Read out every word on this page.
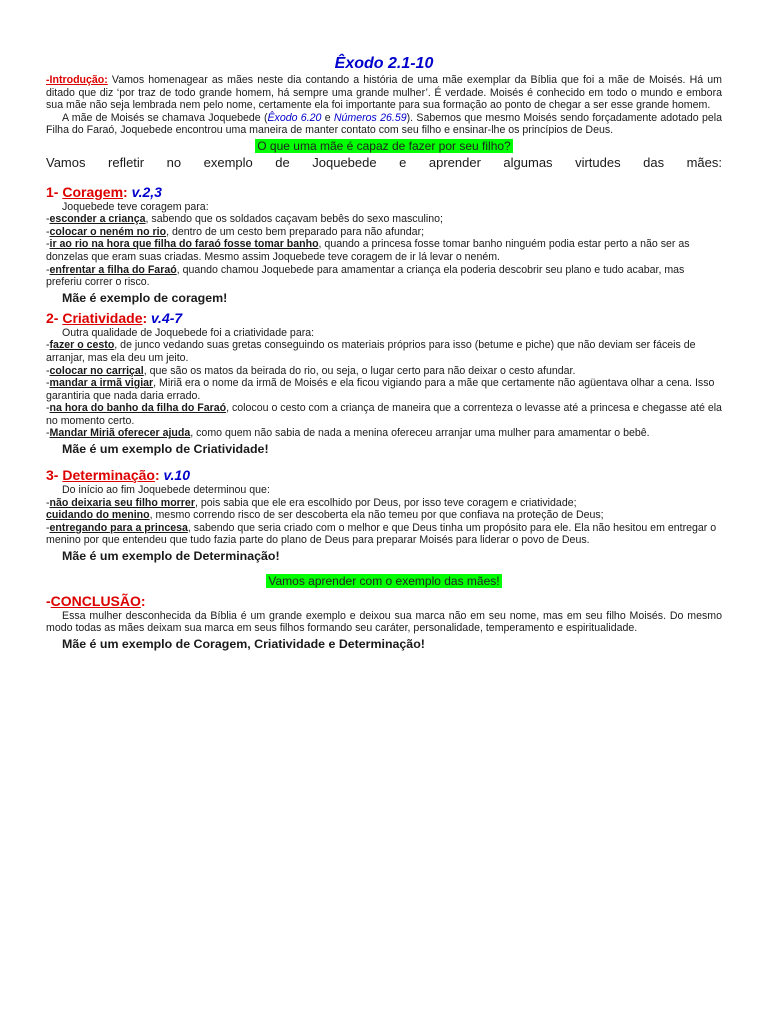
Êxodo 2.1-10

-Introdução: Vamos homenagear as mães neste dia contando a história de uma mãe exemplar da Bíblia que foi a mãe de Moisés. Há um ditado que diz ‘por traz de todo grande homem, há sempre uma grande mulher’. É verdade. Moisés é conhecido em todo o mundo e embora sua mãe não seja lembrada nem pelo nome, certamente ela foi importante para sua formação ao ponto de chegar a ser esse grande homem.

A mãe de Moisés se chamava Joquebede (Êxodo 6.20 e Números 26.59). Sabemos que mesmo Moisés sendo forçadamente adotado pela Filha do Faraó, Joquebede encontrou uma maneira de manter contato com seu filho e ensinar-lhe os princípios de Deus.

O que uma mãe é capaz de fazer por seu filho?

Vamos refletir no exemplo de Joquebede e aprender algumas virtudes das mães:

1- Coragem: v.2,3

Joquebede teve coragem para:

-esconder a criança, sabendo que os soldados caçavam bebês do sexo masculino;

-colocar o neném no rio, dentro de um cesto bem preparado para não afundar;

-ir ao rio na hora que filha do faraó fosse tomar banho, quando a princesa fosse tomar banho ninguém podia estar perto a não ser as donzelas que eram suas criadas. Mesmo assim Joquebede teve coragem de ir lá levar o neném.

-enfrentar a filha do Faraó, quando chamou Joquebede para amamentar a criança ela poderia descobrir seu plano e tudo acabar, mas preferiu correr o risco.

Mãe é exemplo de coragem!
2- Criatividade: v.4-7

Outra qualidade de Joquebede foi a criatividade para:

-fazer o cesto, de junco vedando suas gretas conseguindo os materiais próprios para isso (betume e piche) que não deviam ser fáceis de arranjar, mas ela deu um jeito.

-colocar no carriçal, que são os matos da beirada do rio, ou seja, o lugar certo para não deixar o cesto afundar.

-mandar a irmã vigiar, Miriã era o nome da irmã de Moisés e ela ficou vigiando para a mãe que certamente não agüentava olhar a cena. Isso garantiria que nada daria errado.

-na hora do banho da filha do Faraó, colocou o cesto com a criança de maneira que a correnteza o levasse até a princesa e chegasse até ela no momento certo.

-Mandar Miriã oferecer ajuda, como quem não sabia de nada a menina ofereceu arranjar uma mulher para amamentar o bebê.

Mãe é um exemplo de Criatividade!
3- Determinação: v.10

Do início ao fim Joquebede determinou que:

-não deixaria seu filho morrer, pois sabia que ele era escolhido por Deus, por isso teve coragem e criatividade;

cuidando do menino, mesmo correndo risco de ser descoberta ela não temeu por que confiava na proteção de Deus;

-entregando para a princesa, sabendo que seria criado com o melhor e que Deus tinha um propósito para ele. Ela não hesitou em entregar o menino por que entendeu que tudo fazia parte do plano de Deus para preparar Moisés para liderar o povo de Deus.

Mãe é um exemplo de Determinação!
Vamos aprender com o exemplo das mães!
-CONCLUSÃO:

Essa mulher desconhecida da Bíblia é um grande exemplo e deixou sua marca não em seu nome, mas em seu filho Moisés. Do mesmo modo todas as mães deixam sua marca em seus filhos formando seu caráter, personalidade, temperamento e espiritualidade.

Mãe é um exemplo de Coragem, Criatividade e Determinação!
